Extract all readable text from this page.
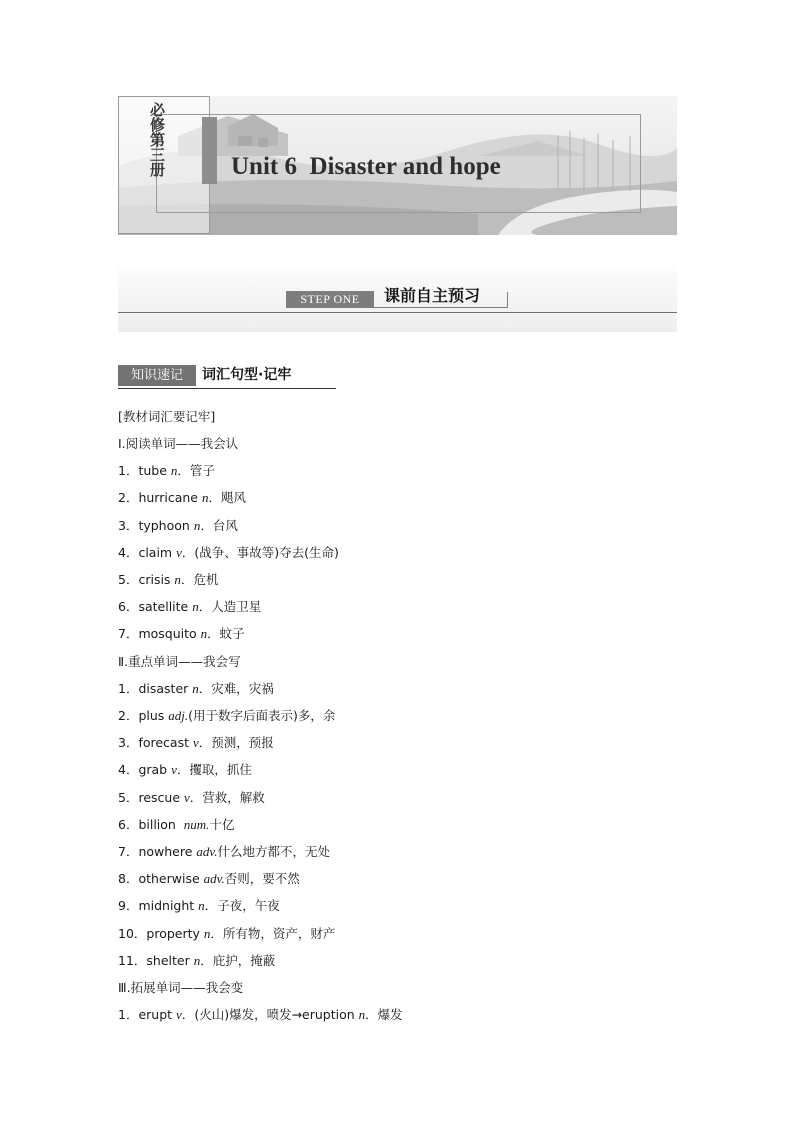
必修第三册	Unit 6  Disaster and hope
STEP ONE	课前自主预习
知识速记	词汇句型·记牢
[教材词汇要记牢]
Ⅰ.阅读单词——我会认
1．tube n．管子
2．hurricane n．飓风
3．typhoon n．台风
4．claim v．(战争、事故等)夺去(生命)
5．crisis n．危机
6．satellite n．人造卫星
7．mosquito n．蚊子
Ⅱ.重点单词——我会写
1．disaster n．灾难，灾祸
2．plus adj.(用于数字后面表示)多，余
3．forecast v．预测，预报
4．grab v．攫取，抓住
5．rescue v．营救，解救
6．billion  num.十亿
7．nowhere adv.什么地方都不，无处
8．otherwise adv.否则，要不然
9．midnight n．子夜，午夜
10．property n．所有物，资产，财产
11．shelter n．庇护，掩蔽
Ⅲ.拓展单词——我会变
1．erupt v．(火山)爆发，喷发→eruption n．爆发
